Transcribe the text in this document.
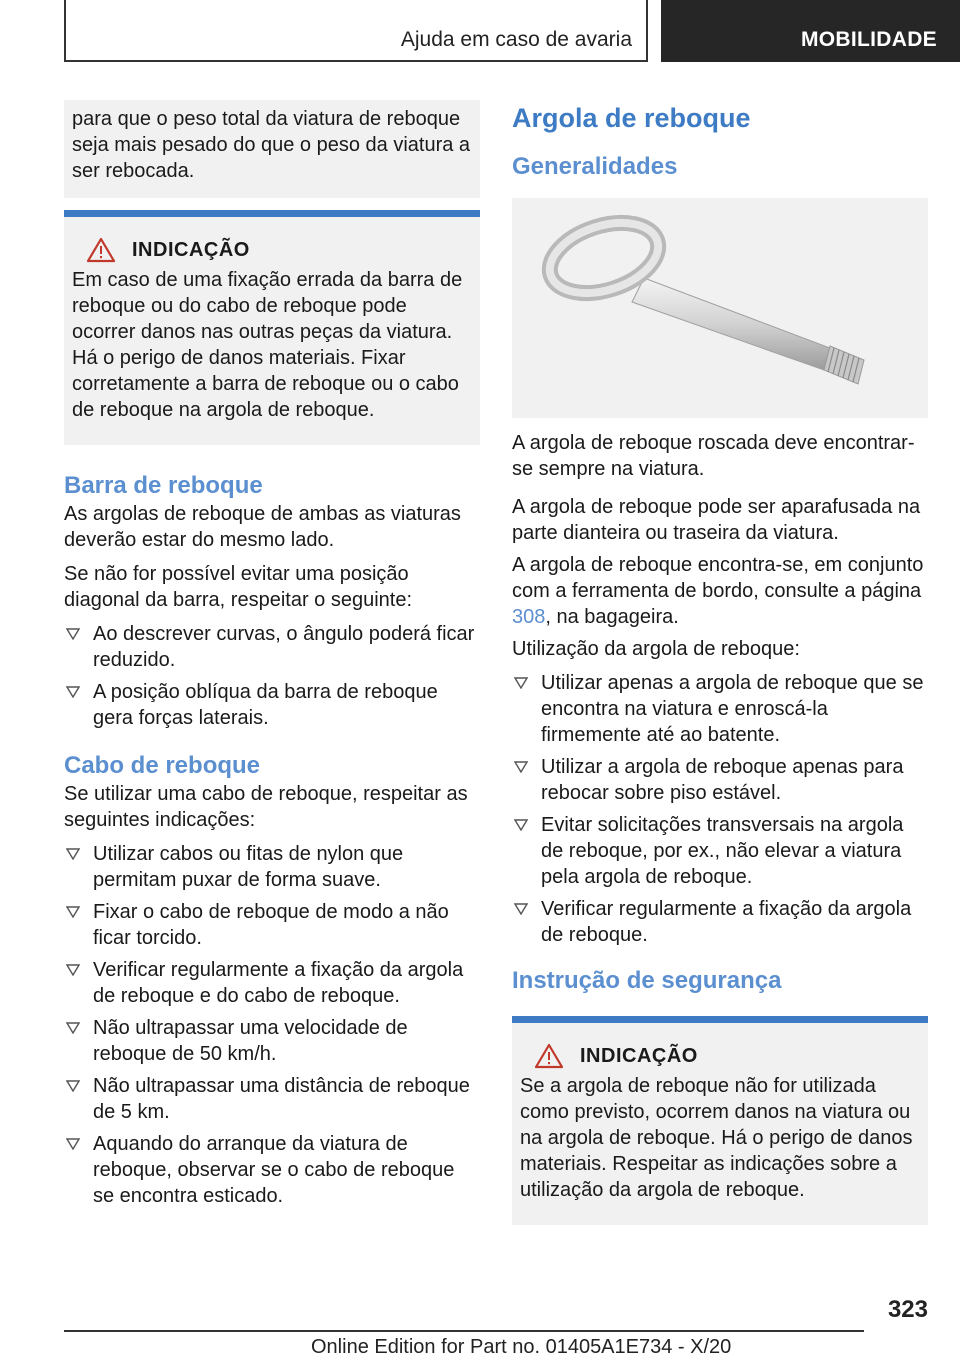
Ajuda em caso de avaria	MOBILIDADE

para que o peso total da viatura de reboque seja mais pesado do que o peso da viatura a ser rebocada.

INDICAÇÃO

Em caso de uma fixação errada da barra de reboque ou do cabo de reboque pode ocorrer danos nas outras peças da viatura. Há o perigo de danos materiais. Fixar corretamente a barra de reboque ou o cabo de reboque na argola de reboque.

Barra de reboque

As argolas de reboque de ambas as viaturas deverão estar do mesmo lado.

Se não for possível evitar uma posição diagonal da barra, respeitar o seguinte:

Ao descrever curvas, o ângulo poderá ficar reduzido.
A posição oblíqua da barra de reboque gera forças laterais.
Cabo de reboque

Se utilizar uma cabo de reboque, respeitar as seguintes indicações:

Utilizar cabos ou fitas de nylon que permitam puxar de forma suave.
Fixar o cabo de reboque de modo a não ficar torcido.
Verificar regularmente a fixação da argola de reboque e do cabo de reboque.
Não ultrapassar uma velocidade de reboque de 50 km/h.
Não ultrapassar uma distância de reboque de 5 km.
Aquando do arranque da viatura de reboque, observar se o cabo de reboque se encontra esticado.
Argola de reboque
Generalidades

A argola de reboque roscada deve encontrar-se sempre na viatura.

A argola de reboque pode ser aparafusada na parte dianteira ou traseira da viatura.

A argola de reboque encontra-se, em conjunto com a ferramenta de bordo, consulte a página 308, na bagageira.

Utilização da argola de reboque:

Utilizar apenas a argola de reboque que se encontra na viatura e enroscá-la firmemente até ao batente.
Utilizar a argola de reboque apenas para rebocar sobre piso estável.
Evitar solicitações transversais na argola de reboque, por ex., não elevar a viatura pela argola de reboque.
Verificar regularmente a fixação da argola de reboque.
Instrução de segurança
INDICAÇÃO

Se a argola de reboque não for utilizada como previsto, ocorrem danos na viatura ou na argola de reboque. Há o perigo de danos materiais. Respeitar as indicações sobre a utilização da argola de reboque.

323
Online Edition for Part no. 01405A1E734 - X/20
